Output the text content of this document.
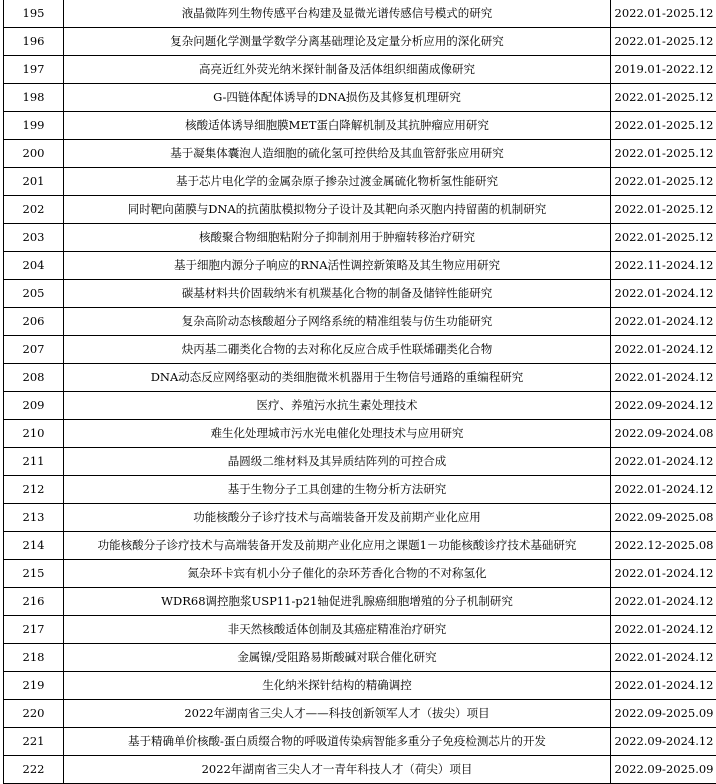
195	液晶微阵列生物传感平台构建及显微光谱传感信号模式的研究	2022.01-2025.12
196	复杂问题化学测量学数学分离基础理论及定量分析应用的深化研究	2022.01-2025.12
197	高亮近红外荧光纳米探针制备及活体组织细菌成像研究	2019.01-2022.12
198	G-四链体配体诱导的DNA损伤及其修复机理研究	2022.01-2025.12
199	核酸适体诱导细胞膜MET蛋白降解机制及其抗肿瘤应用研究	2022.01-2025.12
200	基于凝集体囊泡人造细胞的硫化氢可控供给及其血管舒张应用研究	2022.01-2025.12
201	基于芯片电化学的金属杂原子掺杂过渡金属硫化物析氢性能研究	2022.01-2025.12
202	同时靶向菌膜与DNA的抗菌肽模拟物分子设计及其靶向杀灭胞内持留菌的机制研究	2022.01-2025.12
203	核酸聚合物细胞粘附分子抑制剂用于肿瘤转移治疗研究	2022.01-2025.12
204	基于细胞内源分子响应的RNA活性调控新策略及其生物应用研究	2022.11-2024.12
205	碳基材料共价固载纳米有机羰基化合物的制备及储锌性能研究	2022.01-2024.12
206	复杂高阶动态核酸超分子网络系统的精准组装与仿生功能研究	2022.01-2024.12
207	炔丙基二硼类化合物的去对称化反应合成手性联烯硼类化合物	2022.01-2024.12
208	DNA动态反应网络驱动的类细胞微米机器用于生物信号通路的重编程研究	2022.01-2024.12
209	医疗、养殖污水抗生素处理技术	2022.09-2024.12
210	难生化处理城市污水光电催化处理技术与应用研究	2022.09-2024.08
211	晶圆级二维材料及其异质结阵列的可控合成	2022.01-2024.12
212	基于生物分子工具创建的生物分析方法研究	2022.01-2024.12
213	功能核酸分子诊疗技术与高端装备开发及前期产业化应用	2022.09-2025.08
214	功能核酸分子诊疗技术与高端装备开发及前期产业化应用之课题1－功能核酸诊疗技术基础研究	2022.12-2025.08
215	氮杂环卡宾有机小分子催化的杂环芳香化合物的不对称氢化	2022.01-2024.12
216	WDR68调控胞浆USP11-p21轴促进乳腺癌细胞增殖的分子机制研究	2022.01-2024.12
217	非天然核酸适体创制及其癌症精准治疗研究	2022.01-2024.12
218	金属镍/受阻路易斯酸碱对联合催化研究	2022.01-2024.12
219	生化纳米探针结构的精确调控	2022.01-2024.12
220	2022年湖南省三尖人才——科技创新领军人才（拔尖）项目	2022.09-2025.09
221	基于精确单价核酸-蛋白质缀合物的呼吸道传染病智能多重分子免疫检测芯片的开发	2022.09-2024.12
222	2022年湖南省三尖人才一青年科技人才（荷尖）项目	2022.09-2025.09
